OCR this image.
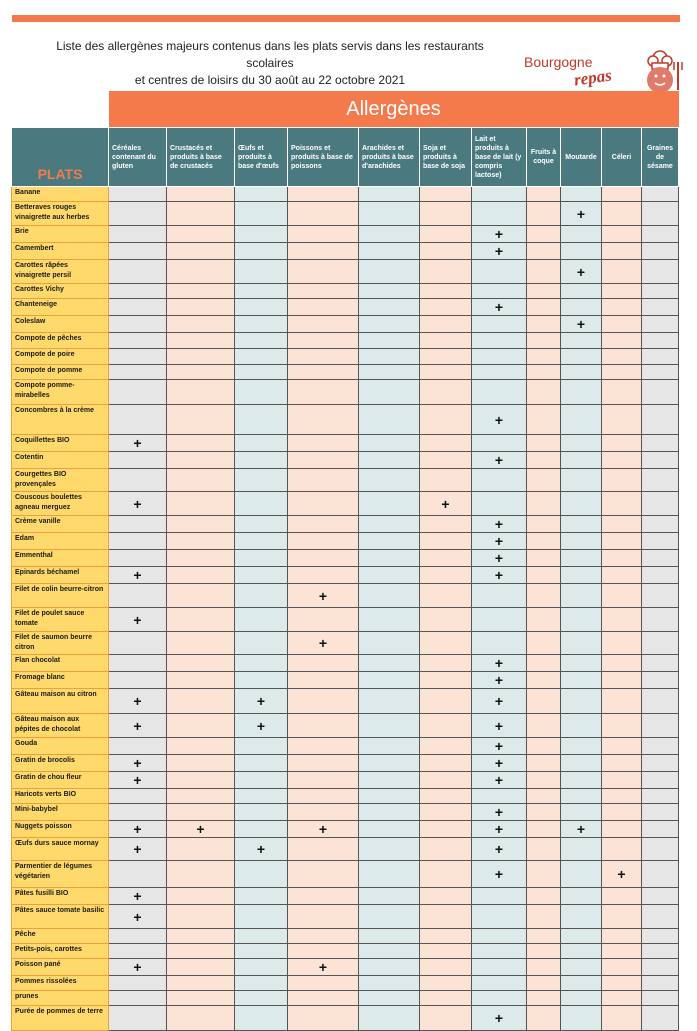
Liste des allergènes majeurs contenus dans les plats servis dans les restaurants scolaires
et centres de loisirs du 30 août au 22 octobre 2021
Bourgogne
repas
	Allergènes										
PLATS	Céréales contenant du gluten	Crustacés et produits à base de crustacés	Œufs et produits à base d'œufs	Poissons et produits à base de poissons	Arachides et produits à base d'arachides	Soja et produits à base de soja	Lait et produits à base de lait (y compris lactose)	Fruits à coque	Moutarde	Céleri	Graines de sésame
Banane											
Betteraves rouges vinaigrette aux herbes									+		
Brie							+				
Camembert							+				
Carottes râpées vinaigrette persil									+		
Carottes Vichy											
Chanteneige							+				
Coleslaw									+		
Compote de pêches											
Compote de poire											
Compote de pomme											
Compote pomme-mirabelles											
Concombres à la crème							+				
Coquillettes BIO	+										
Cotentin							+				
Courgettes BIO provençales											
Couscous boulettes agneau merguez	+					+					
Crème vanille							+				
Edam							+				
Emmenthal							+				
Epinards béchamel	+						+				
Filet de colin beurre-citron				+							
Filet de poulet sauce tomate	+										
Filet de saumon beurre citron				+							
Flan chocolat							+				
Fromage blanc							+				
Gâteau maison au citron	+		+				+				
Gâteau maison aux pépites de chocolat	+		+				+				
Gouda							+				
Gratin de brocolis	+						+				
Gratin de chou fleur	+						+				
Haricots verts BIO											
Mini-babybel							+				
Nuggets poisson	+	+		+			+		+		
Œufs durs sauce mornay	+		+				+				
Parmentier de légumes végétarien							+			+	
Pâtes fusilli BIO	+										
Pâtes sauce tomate basilic	+										
Pêche											
Petits-pois, carottes											
Poisson pané	+			+							
Pommes rissolées											
prunes											
Purée de pommes de terre							+				
